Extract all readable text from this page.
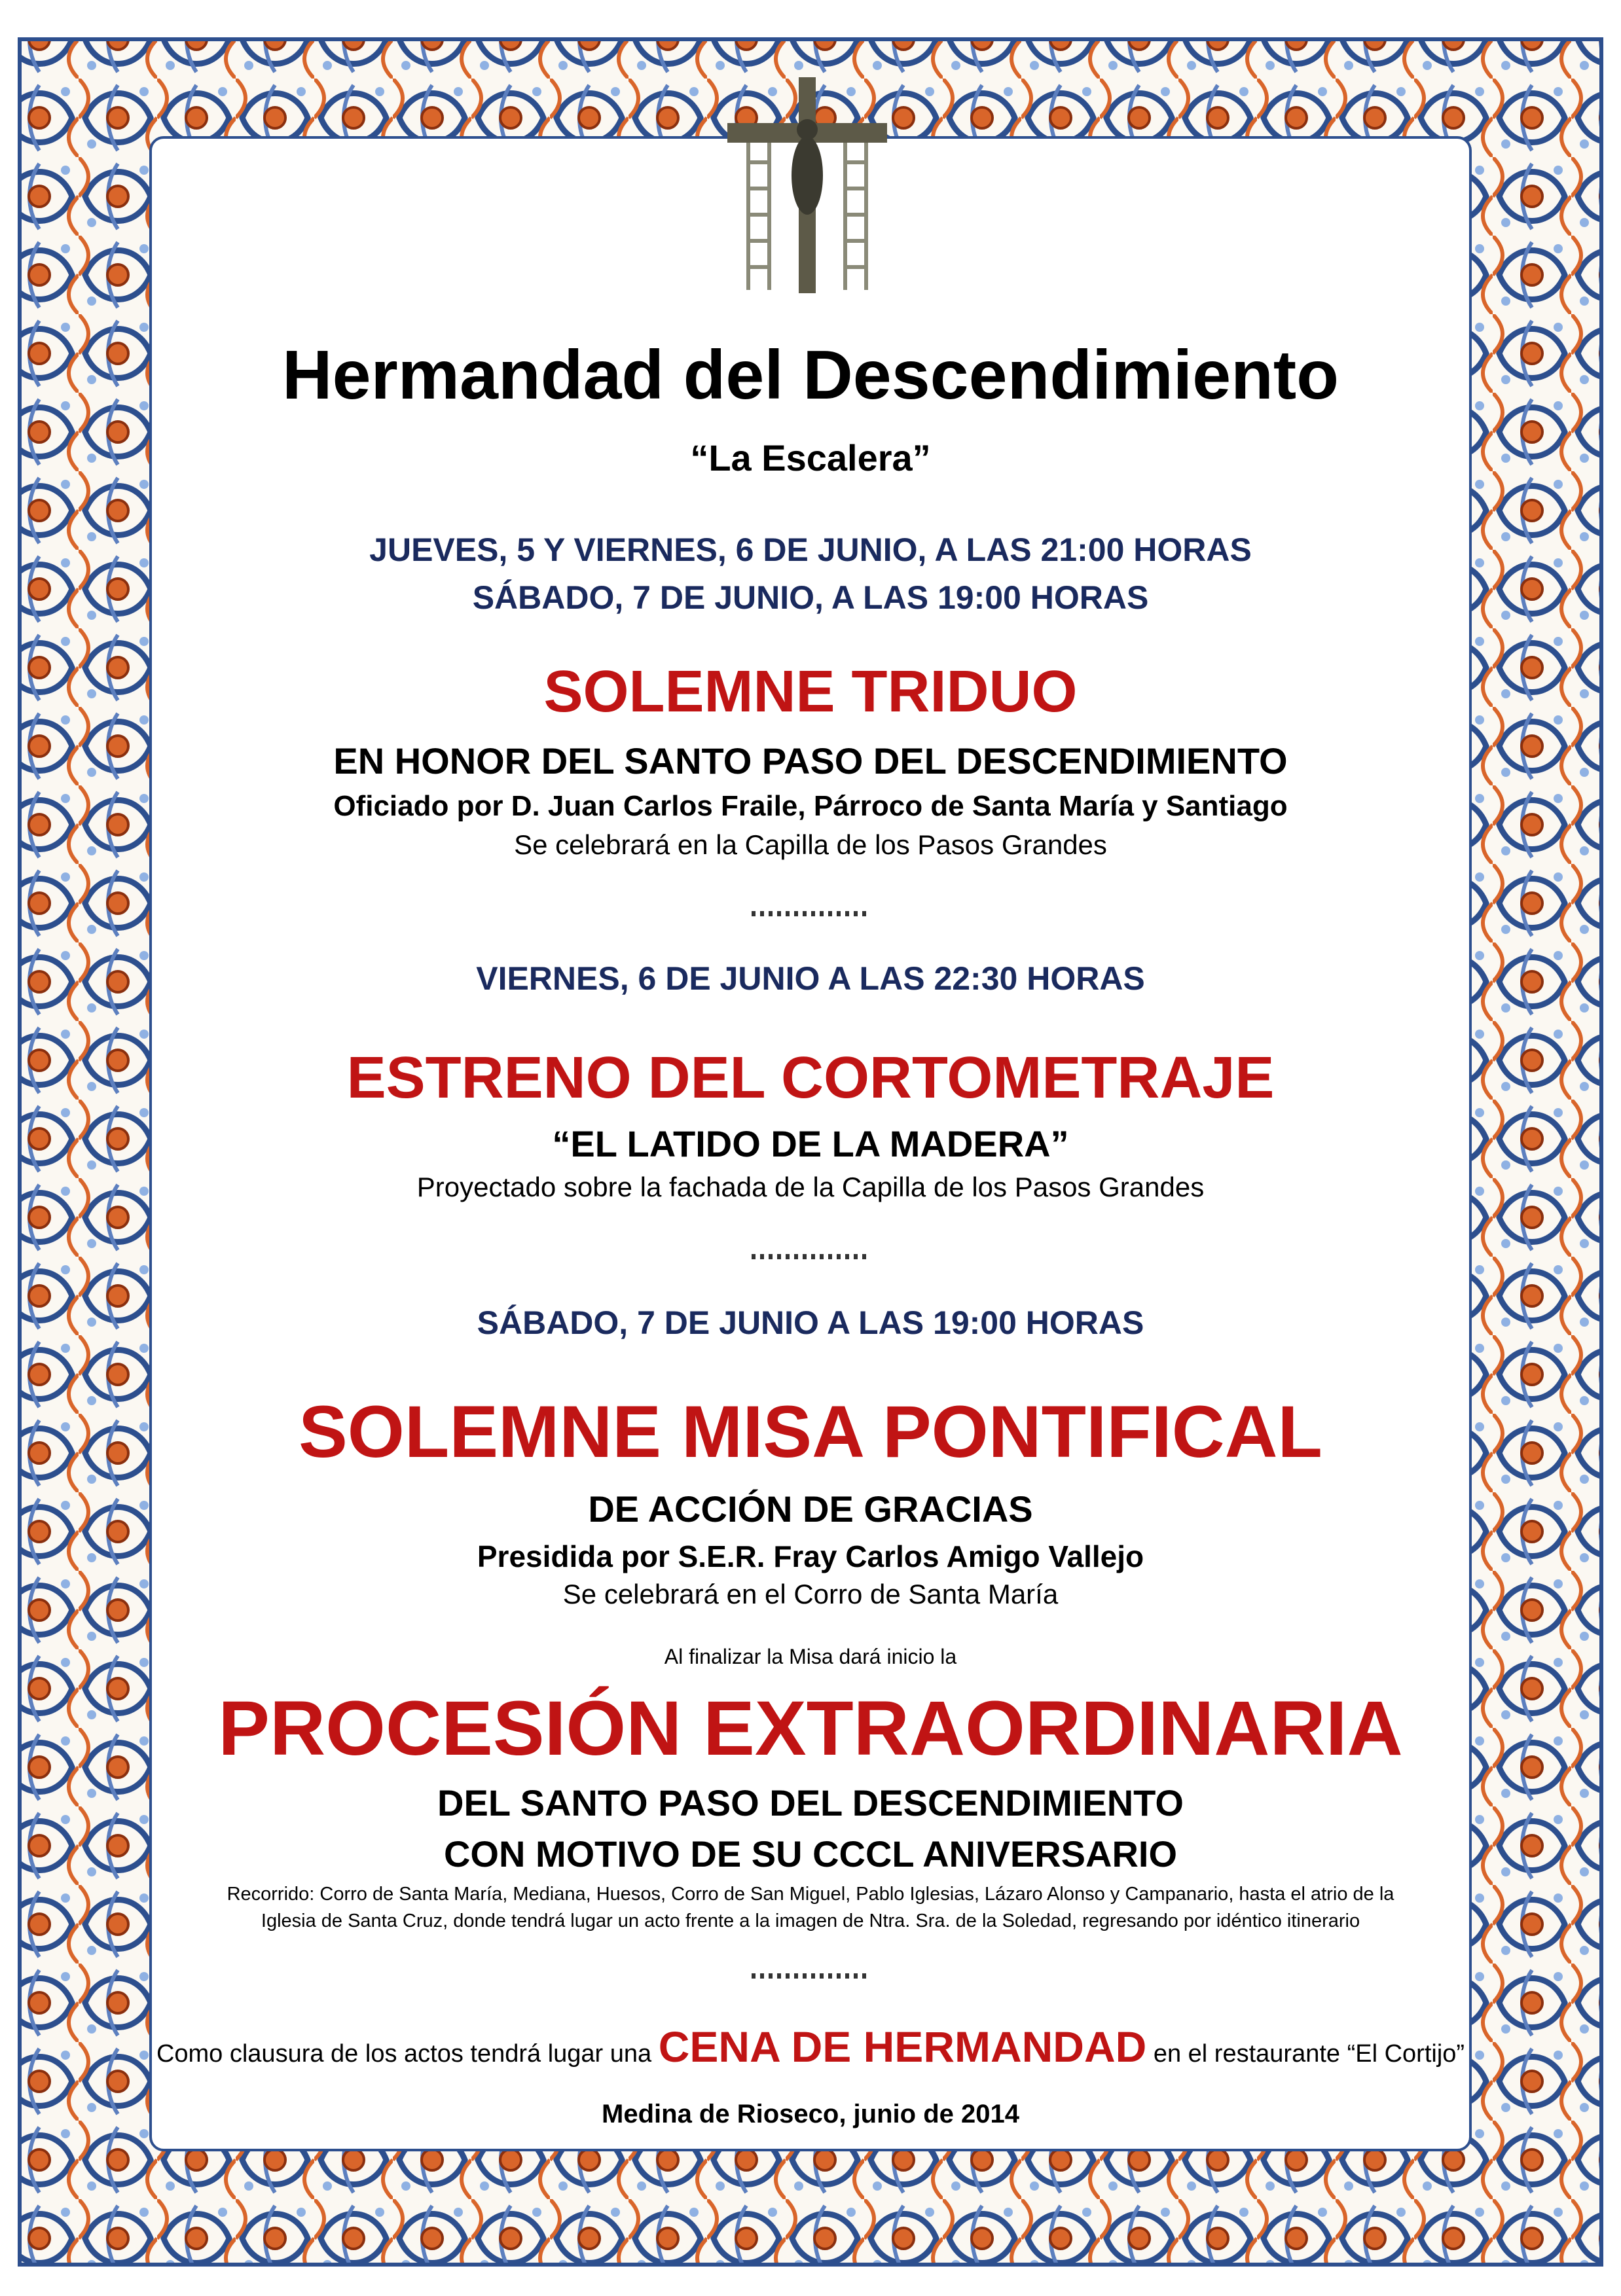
Hermandad del Descendimiento
“La Escalera”
JUEVES, 5 Y VIERNES, 6 DE JUNIO, A LAS 21:00 HORAS
SÁBADO, 7 DE JUNIO, A LAS 19:00 HORAS
SOLEMNE TRIDUO
EN HONOR DEL SANTO PASO DEL DESCENDIMIENTO
Oficiado por D. Juan Carlos Fraile, Párroco de Santa María y Santiago
Se celebrará en la Capilla de los Pasos Grandes
VIERNES, 6 DE JUNIO A LAS 22:30 HORAS
ESTRENO DEL CORTOMETRAJE
“EL LATIDO DE LA MADERA”
Proyectado sobre la fachada de la Capilla de los Pasos Grandes
SÁBADO, 7 DE JUNIO A LAS 19:00 HORAS
SOLEMNE MISA PONTIFICAL
DE ACCIÓN DE GRACIAS
Presidida por S.E.R. Fray Carlos Amigo Vallejo
Se celebrará en el Corro de Santa María
Al finalizar la Misa dará inicio la
PROCESIÓN EXTRAORDINARIA
DEL SANTO PASO DEL DESCENDIMIENTO
CON MOTIVO DE SU CCCL ANIVERSARIO
Recorrido: Corro de Santa María, Mediana, Huesos, Corro de San Miguel, Pablo Iglesias, Lázaro Alonso y Campanario, hasta el atrio de la
Iglesia de Santa Cruz, donde tendrá lugar un acto frente a la imagen de Ntra. Sra. de la Soledad, regresando por idéntico itinerario
Como clausura de los actos tendrá lugar una CENA DE HERMANDAD en el restaurante “El Cortijo”
Medina de Rioseco, junio de 2014
